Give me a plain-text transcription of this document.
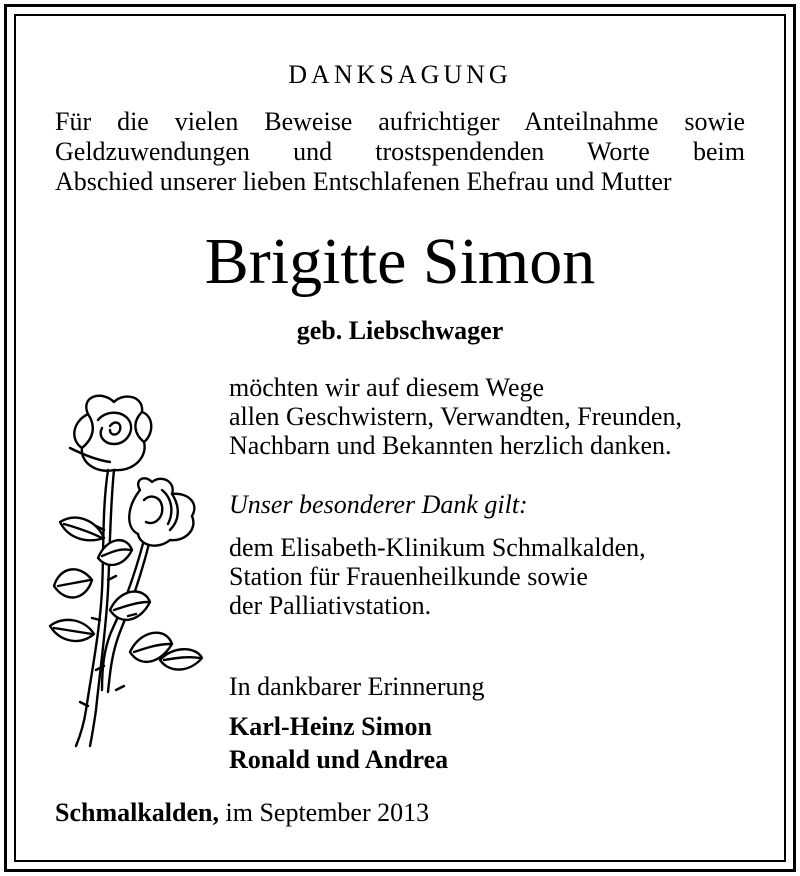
DANKSAGUNG
Für die vielen Beweise aufrichtiger Anteilnahme sowie
Geldzuwendungen und trostspendenden Worte beim
Abschied unserer lieben Entschlafenen Ehefrau und Mutter
Brigitte Simon
geb. Liebschwager
möchten wir auf diesem Wege
allen Geschwistern, Verwandten, Freunden,
Nachbarn und Bekannten herzlich danken.
Unser besonderer Dank gilt:
dem Elisabeth-Klinikum Schmalkalden,
Station für Frauenheilkunde sowie
der Palliativstation.
In dankbarer Erinnerung
Karl-Heinz Simon
Ronald und Andrea
Schmalkalden, im September 2013
